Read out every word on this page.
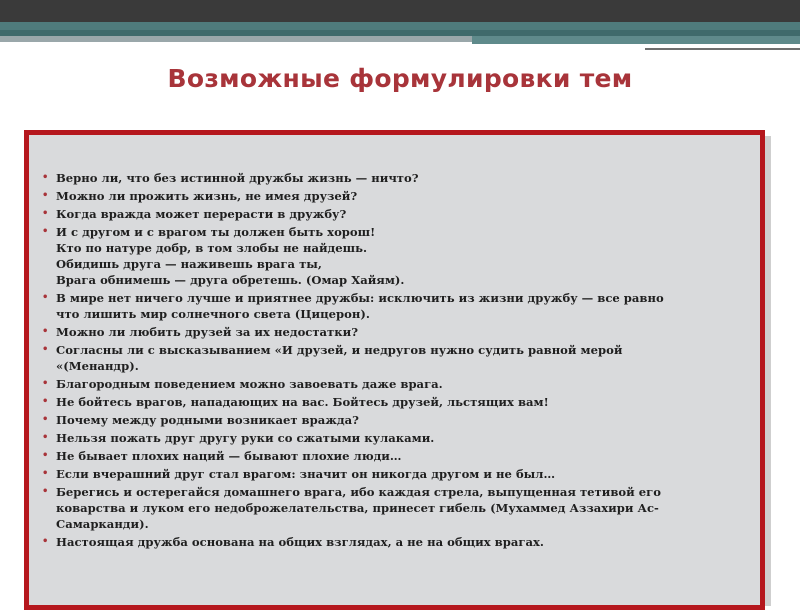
Возможные формулировки тем
• Верно ли, что без истинной дружбы жизнь — ничто?
• Можно ли прожить жизнь, не имея друзей?
• Когда вражда может перерасти в дружбу?
• И с другом и с врагом ты должен быть хорош!
Кто по натуре добр, в том злобы не найдешь.
Обидишь друга — наживешь врага ты,
Врага обнимешь — друга обретешь. (Омар Хайям).
• В мире нет ничего лучше и приятнее дружбы: исключить из жизни дружбу — все равно
что лишить мир солнечного света (Цицерон).
• Можно ли любить друзей за их недостатки?
• Согласны ли с высказыванием «И друзей, и недругов нужно судить равной мерой
«(Менандр).
• Благородным поведением можно завоевать даже врага.
• Не бойтесь врагов, нападающих на вас. Бойтесь друзей, льстящих вам!
• Почему между родными возникает вражда?
• Нельзя пожать друг другу руки со сжатыми кулаками.
• Не бывает плохих наций — бывают плохие люди…
• Если вчерашний друг стал врагом: значит он никогда другом и не был…
• Берегись и остерегайся домашнего врага, ибо каждая стрела, выпущенная тетивой его
коварства и луком его недоброжелательства, принесет гибель (Мухаммед Аззахири Ас-
Самарканди).
• Настоящая дружба основана на общих взглядах, а не на общих врагах.
